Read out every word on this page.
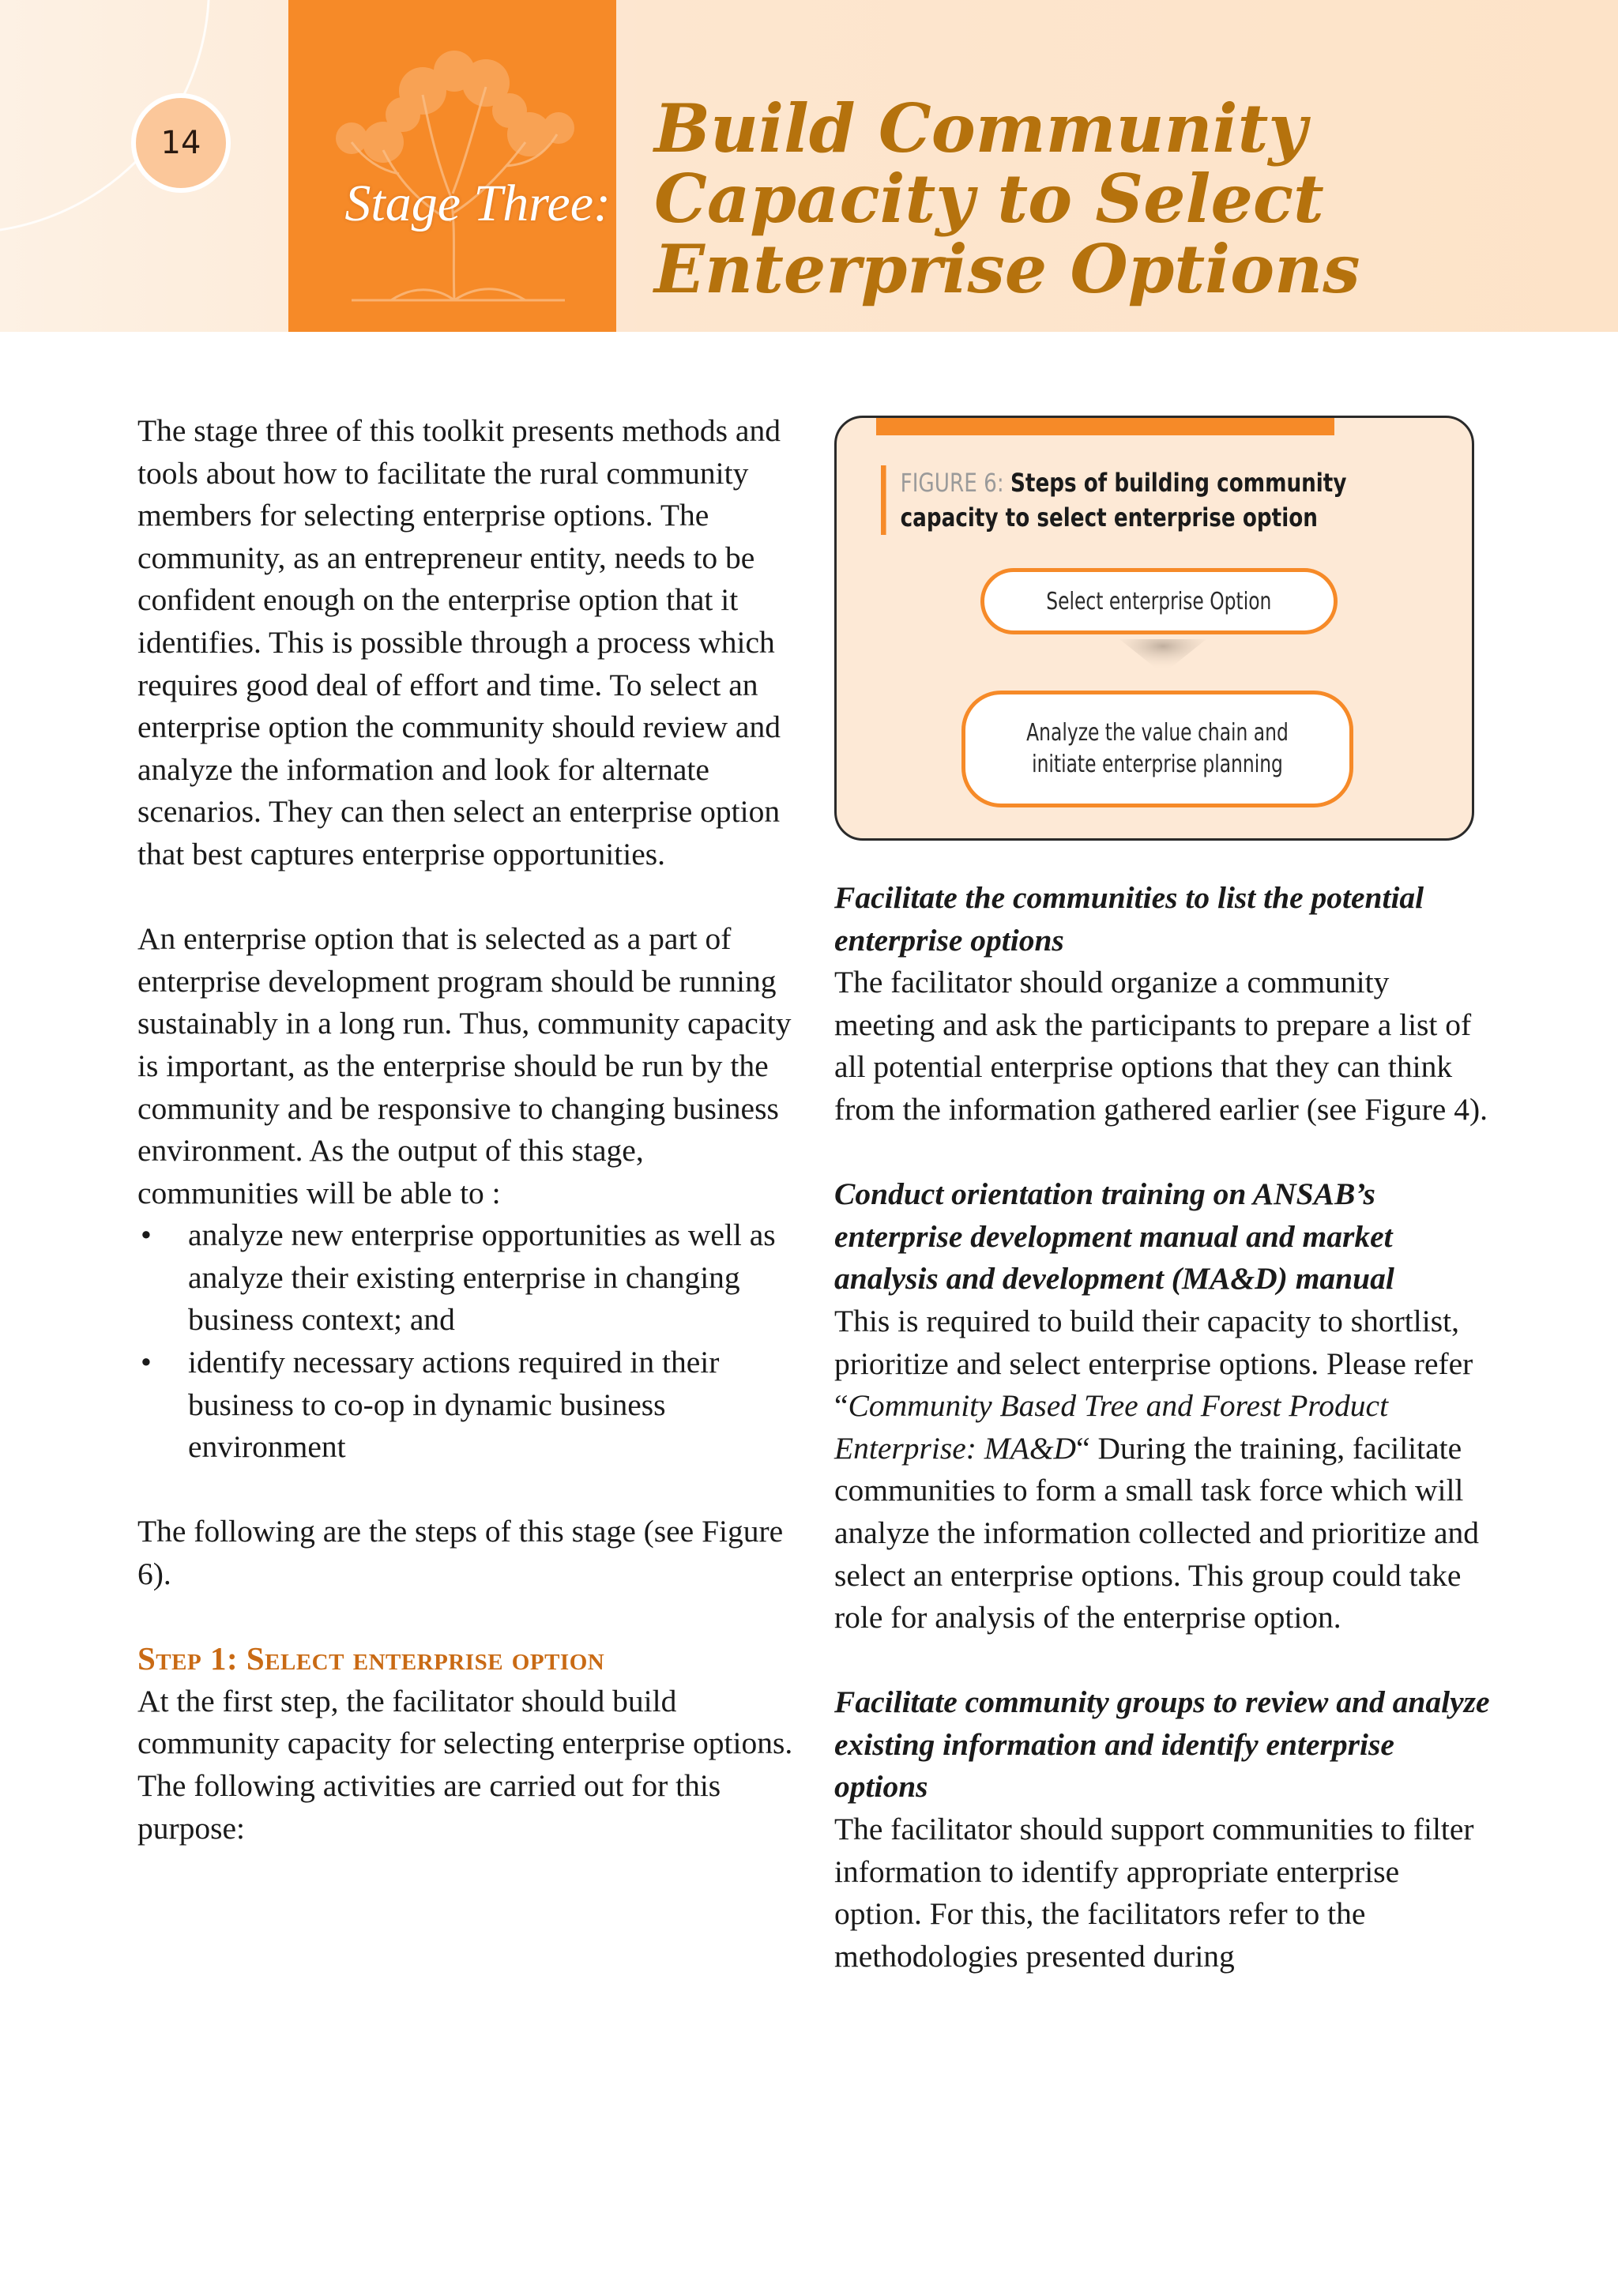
14
Stage Three:
Build Community
Capacity to Select
Enterprise Options

The stage three of this toolkit presents methods and tools about how to facilitate the rural community members for selecting enterprise options. The community, as an entrepreneur entity, needs to be confident enough on the enterprise option that it identifies. This is possible through a process which requires good deal of effort and time. To select an enterprise option the community should review and analyze the information and look for alternate scenarios. They can then select an enterprise option that best captures enterprise opportunities.

An enterprise option that is selected as a part of enterprise development program should be running sustainably in a long run. Thus, community capacity is important, as the enterprise should be run by the community and be responsive to changing business environment. As the output of this stage, communities will be able to :

• analyze new enterprise opportunities as well as analyze their existing enterprise in changing business context; and
• identify necessary actions required in their business to co-op in dynamic business environment

The following are the steps of this stage (see Figure 6).

Step 1: Select enterprise option

At the first step, the facilitator should build community capacity for selecting enterprise options. The following activities are carried out for this purpose:

FIGURE 6: Steps of building community capacity to select enterprise option
Select enterprise Option
Analyze the value chain and initiate enterprise planning

Facilitate the communities to list the potential enterprise options

The facilitator should organize a community meeting and ask the participants to prepare a list of all potential enterprise options that they can think from the information gathered earlier (see Figure 4).

Conduct orientation training on ANSAB’s enterprise development manual and market analysis and development (MA&D) manual

This is required to build their capacity to shortlist, prioritize and select enterprise options. Please refer “Community Based Tree and Forest Product Enterprise: MA&D“ During the training, facilitate communities to form a small task force which will analyze the information collected and prioritize and select an enterprise options. This group could take role for analysis of the enterprise option.

Facilitate community groups to review and analyze existing information and identify enterprise options

The facilitator should support communities to filter information to identify appropriate enterprise option. For this, the facilitators refer to the methodologies presented during
